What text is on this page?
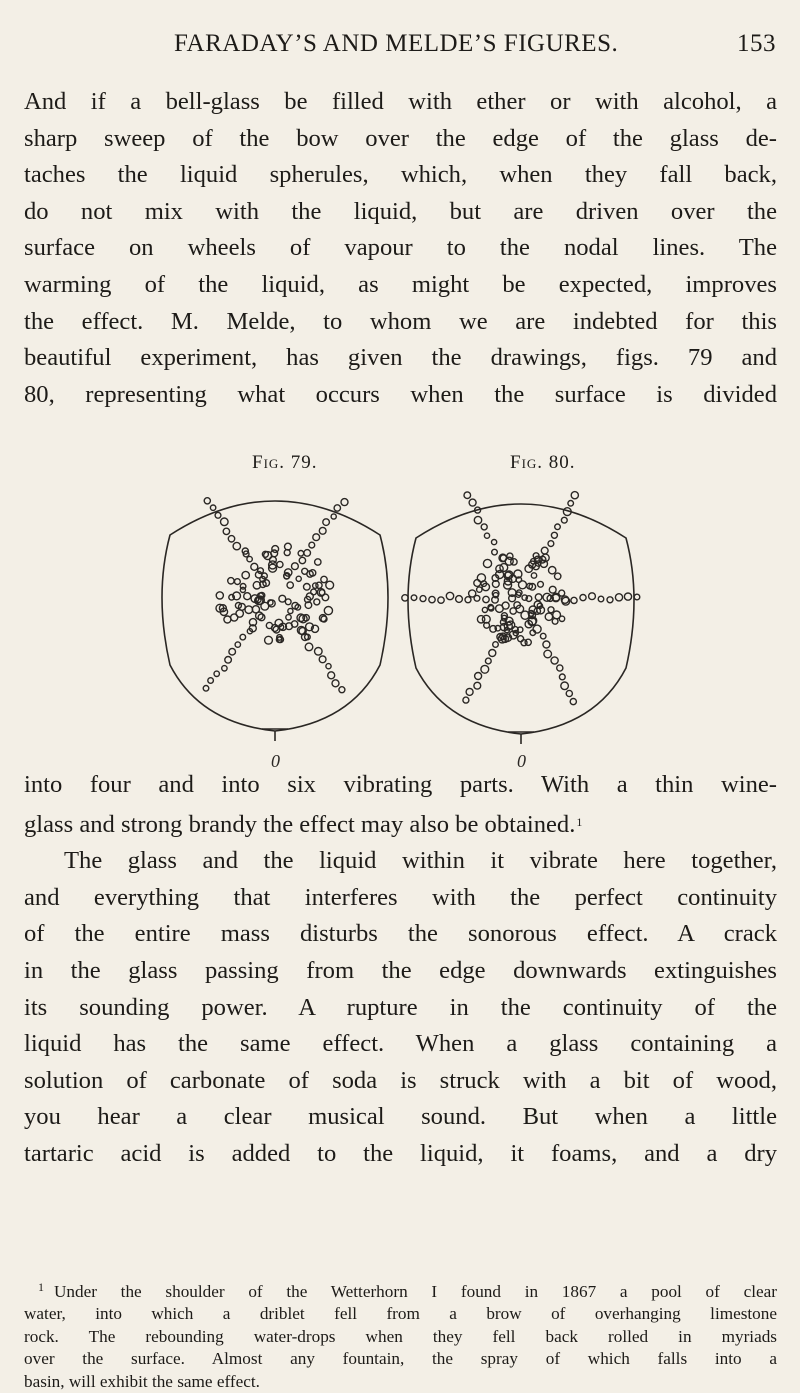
FARADAY’S AND MELDE’S FIGURES.	153

And if a bell-glass be filled with ether or with alcohol, a
sharp sweep of the bow over the edge of the glass de-
taches the liquid spherules, which, when they fall back,
do not mix with the liquid, but are driven over the
surface on wheels of vapour to the nodal lines. The
warming of the liquid, as might be expected, improves
the effect. M. Melde, to whom we are indebted for this
beautiful experiment, has given the drawings, figs. 79 and
80, representing what occurs when the surface is divided

Fig. 79.	Fig. 80.
0	0

into four and into six vibrating parts. With a thin wine-
glass and strong brandy the effect may also be obtained.$^1$
The glass and the liquid within it vibrate here together,
and everything that interferes with the perfect continuity
of the entire mass disturbs the sonorous effect. A crack
in the glass passing from the edge downwards extinguishes
its sounding power. A rupture in the continuity of the
liquid has the same effect. When a glass containing a
solution of carbonate of soda is struck with a bit of wood,
you hear a clear musical sound. But when a little
tartaric acid is added to the liquid, it foams, and a dry

$^1$ Under the shoulder of the Wetterhorn I found in 1867 a pool of clear
water, into which a driblet fell from a brow of overhanging limestone
rock. The rebounding water-drops when they fell back rolled in myriads
over the surface. Almost any fountain, the spray of which falls into a
basin, will exhibit the same effect.
